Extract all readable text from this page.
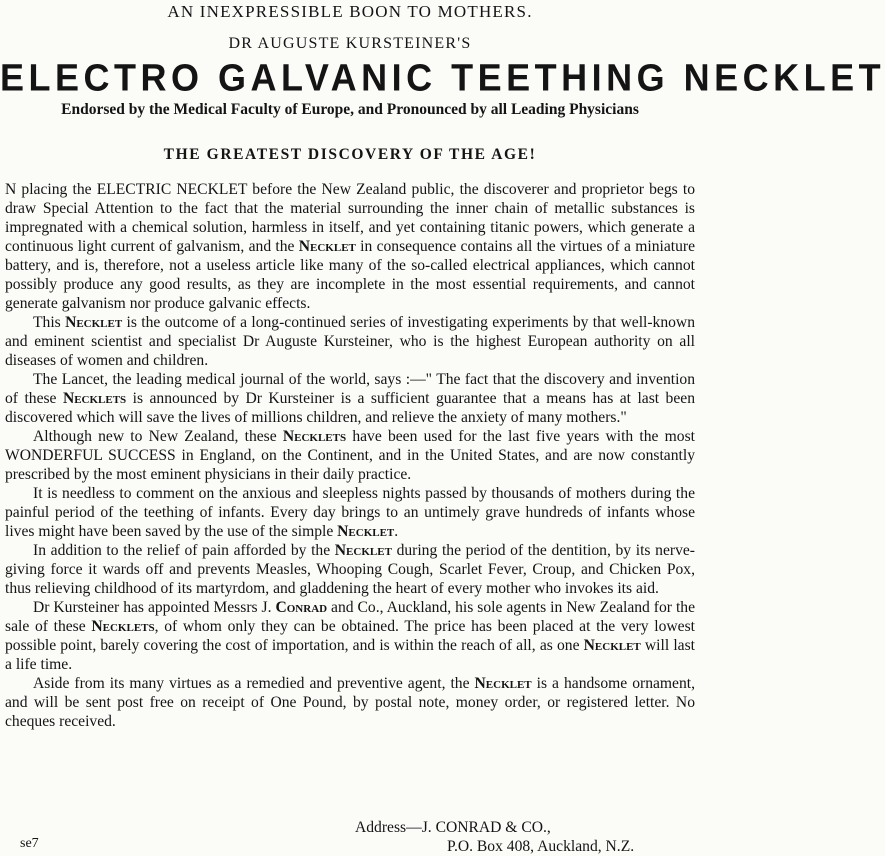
AN INEXPRESSIBLE BOON TO MOTHERS.
DR AUGUSTE KURSTEINER'S
ELECTRO GALVANIC TEETHING NECKLET
Endorsed by the Medical Faculty of Europe, and Pronounced by all Leading Physicians
THE GREATEST DISCOVERY OF THE AGE!

N placing the ELECTRIC NECKLET before the New Zealand public, the discoverer and proprietor begs to draw Special Attention to the fact that the material surrounding the inner chain of metallic substances is impregnated with a chemical solution, harmless in itself, and yet containing titanic powers, which generate a continuous light current of galvanism, and the Necklet in consequence contains all the virtues of a miniature battery, and is, therefore, not a useless article like many of the so-called electrical appliances, which cannot possibly produce any good results, as they are incomplete in the most essential requirements, and cannot generate galvanism nor produce galvanic effects.

This Necklet is the outcome of a long-continued series of investigating experiments by that well-known and eminent scientist and specialist Dr Auguste Kursteiner, who is the highest European authority on all diseases of women and children.

The Lancet, the leading medical journal of the world, says :—" The fact that the discovery and invention of these Necklets is announced by Dr Kursteiner is a sufficient guarantee that a means has at last been discovered which will save the lives of millions children, and relieve the anxiety of many mothers."

Although new to New Zealand, these Necklets have been used for the last five years with the most WONDERFUL SUCCESS in England, on the Continent, and in the United States, and are now constantly prescribed by the most eminent physicians in their daily practice.

It is needless to comment on the anxious and sleepless nights passed by thousands of mothers during the painful period of the teething of infants. Every day brings to an untimely grave hundreds of infants whose lives might have been saved by the use of the simple Necklet.

In addition to the relief of pain afforded by the Necklet during the period of the dentition, by its nerve-giving force it wards off and prevents Measles, Whooping Cough, Scarlet Fever, Croup, and Chicken Pox, thus relieving childhood of its martyrdom, and gladdening the heart of every mother who invokes its aid.

Dr Kursteiner has appointed Messrs J. Conrad and Co., Auckland, his sole agents in New Zealand for the sale of these Necklets, of whom only they can be obtained. The price has been placed at the very lowest possible point, barely covering the cost of importation, and is within the reach of all, as one Necklet will last a life time.

Aside from its many virtues as a remedied and preventive agent, the Necklet is a handsome ornament, and will be sent post free on receipt of One Pound, by postal note, money order, or registered letter. No cheques received.

Address—J. CONRAD & CO.,
P.O. Box 408, Auckland, N.Z.
se7
